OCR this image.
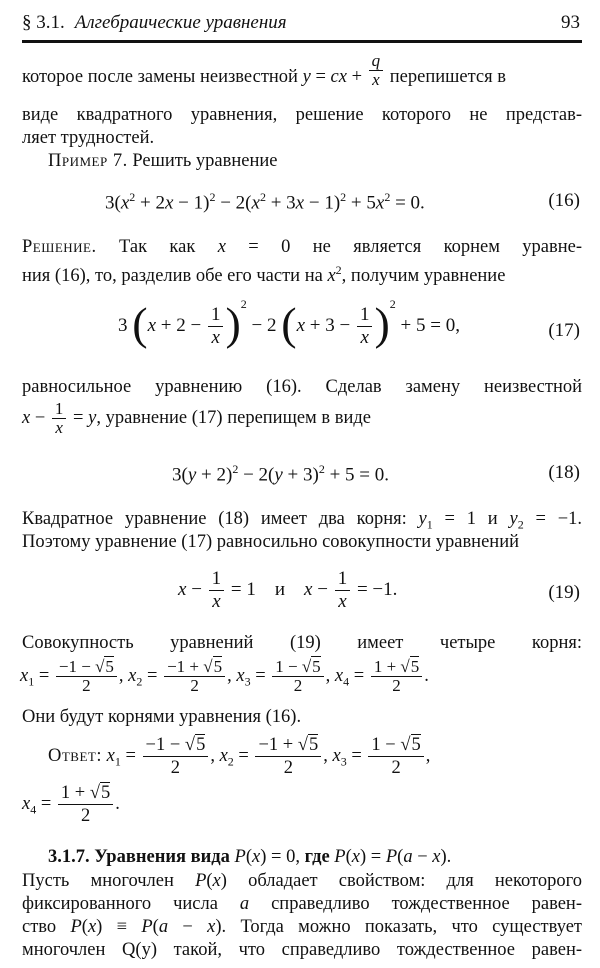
§ 3.1. Алгебраические уравнения	93
которое после замены неизвестной y = cx + $\frac{q}{x}$ перепишется в
виде квадратного уравнения, решение которого не представ-
ляет трудностей.
Пример 7. Решить уравнение
$3(x^2 + 2x - 1)^2 - 2(x^2 + 3x - 1)^2 + 5x^2 = 0$.	(16)
Решение. Так как x = 0 не является корнем уравне-
ния (16), то, разделив обе его части на $x^2$, получим уравнение
3 $(x + 2 - \frac{1}{x} )^2 - 2$ $(x + 3 - \frac{1}{x} )^2 + 5 = 0$,	(17)
равносильное уравнению (16). Сделав замену неизвестной
$x - \frac{1}{x} = y$, уравнение (17) перепищем в виде
$3(y + 2)^2 - 2(y + 3)^2 + 5 = 0$.	(18)
Квадратное уравнение (18) имеет два корня: $y_1 = 1$ и $y_2 = -1$.
Поэтому уравнение (17) равносильно совокупности уравнений
$x - \frac{1}{x} = 1$    и $x - \frac{1}{x} = -1$.	(19)
Совокупность уравнений (19) имеет четыре корня:
$x_1 = \frac{-1 - √5}{2}$ , $x_2 = \frac{-1 + √5}{2}$ , $x_3 = \frac{1 - √5}{2}$ , $x_4 = \frac{1 + √5}{2}$ .
Они будут корнями уравнения (16).
Ответ: $x_1 = \frac{-1 - √5}{2}$ , $x_2 = \frac{-1 + √5}{2}$ , $x_3 = \frac{1 - √5}{2}$ ,
$x_4 = \frac{1 + √5}{2}$ .
3.1.7. Уравнения вида P(x) = 0, где P(x) = P(a − x).
Пусть многочлен P(x) обладает свойством: для некоторого
фиксированного числа a справедливо тождественное равен-
ство P(x) ≡ P(a − x). Тогда можно показать, что существует
многочлен Q(y) такой, что справедливо тождественное равен-
